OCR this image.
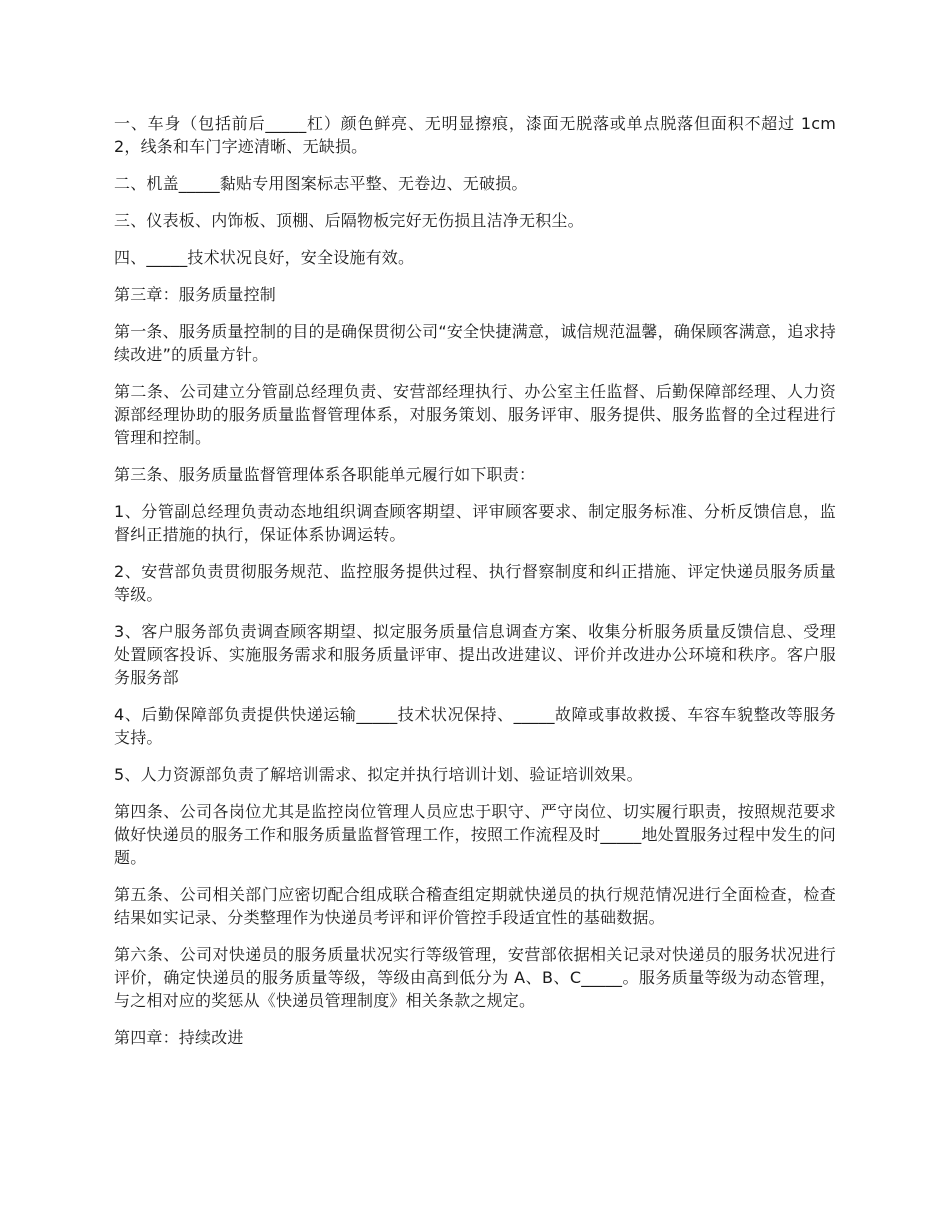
一、车身（包括前后_____杠）颜色鲜亮、无明显擦痕，漆面无脱落或单点脱落但面积不超过 1cm2，线条和车门字迹清晰、无缺损。

二、机盖_____黏贴专用图案标志平整、无卷边、无破损。

三、仪表板、内饰板、顶棚、后隔物板完好无伤损且洁净无积尘。

四、_____技术状况良好，安全设施有效。

第三章：服务质量控制

第一条、服务质量控制的目的是确保贯彻公司“安全快捷满意，诚信规范温馨，确保顾客满意，追求持续改进”的质量方针。

第二条、公司建立分管副总经理负责、安营部经理执行、办公室主任监督、后勤保障部经理、人力资源部经理协助的服务质量监督管理体系，对服务策划、服务评审、服务提供、服务监督的全过程进行管理和控制。

第三条、服务质量监督管理体系各职能单元履行如下职责：

1、分管副总经理负责动态地组织调查顾客期望、评审顾客要求、制定服务标准、分析反馈信息，监督纠正措施的执行，保证体系协调运转。

2、安营部负责贯彻服务规范、监控服务提供过程、执行督察制度和纠正措施、评定快递员服务质量等级。

3、客户服务部负责调查顾客期望、拟定服务质量信息调查方案、收集分析服务质量反馈信息、受理处置顾客投诉、实施服务需求和服务质量评审、提出改进建议、评价并改进办公环境和秩序。客户服务服务部

4、后勤保障部负责提供快递运输_____技术状况保持、_____故障或事故救援、车容车貌整改等服务支持。

5、人力资源部负责了解培训需求、拟定并执行培训计划、验证培训效果。

第四条、公司各岗位尤其是监控岗位管理人员应忠于职守、严守岗位、切实履行职责，按照规范要求做好快递员的服务工作和服务质量监督管理工作，按照工作流程及时_____地处置服务过程中发生的问题。

第五条、公司相关部门应密切配合组成联合稽查组定期就快递员的执行规范情况进行全面检查，检查结果如实记录、分类整理作为快递员考评和评价管控手段适宜性的基础数据。

第六条、公司对快递员的服务质量状况实行等级管理，安营部依据相关记录对快递员的服务状况进行评价，确定快递员的服务质量等级，等级由高到低分为 A、B、C_____。服务质量等级为动态管理，与之相对应的奖惩从《快递员管理制度》相关条款之规定。

第四章：持续改进
